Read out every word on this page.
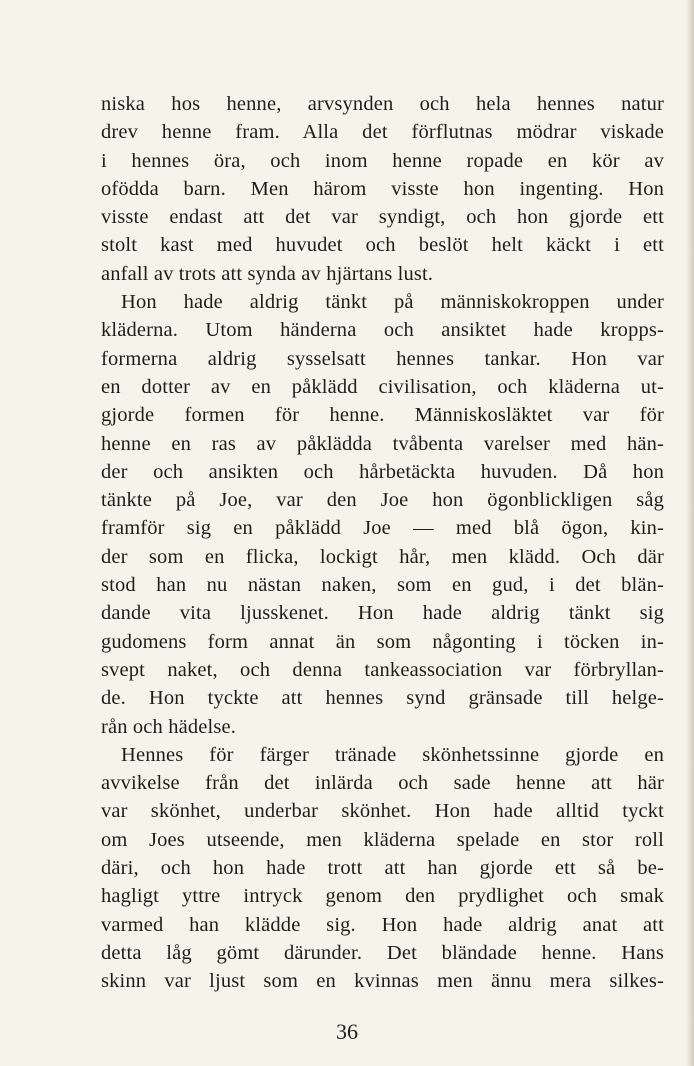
niska hos henne, arvsynden och hela hennes natur
drev henne fram. Alla det förflutnas mödrar viskade
i hennes öra, och inom henne ropade en kör av
ofödda barn. Men härom visste hon ingenting. Hon
visste endast att det var syndigt, och hon gjorde ett
stolt kast med huvudet och beslöt helt käckt i ett
anfall av trots att synda av hjärtans lust.
Hon hade aldrig tänkt på människokroppen under
kläderna. Utom händerna och ansiktet hade kropps-
formerna aldrig sysselsatt hennes tankar. Hon var
en dotter av en påklädd civilisation, och kläderna ut-
gjorde formen för henne. Människosläktet var för
henne en ras av påklädda tvåbenta varelser med hän-
der och ansikten och hårbetäckta huvuden. Då hon
tänkte på Joe, var den Joe hon ögonblickligen såg
framför sig en påklädd Joe — med blå ögon, kin-
der som en flicka, lockigt hår, men klädd. Och där
stod han nu nästan naken, som en gud, i det blän-
dande vita ljusskenet. Hon hade aldrig tänkt sig
gudomens form annat än som någonting i töcken in-
svept naket, och denna tankeassociation var förbryllan-
de. Hon tyckte att hennes synd gränsade till helge-
rån och hädelse.
Hennes för färger tränade skönhetssinne gjorde en
avvikelse från det inlärda och sade henne att här
var skönhet, underbar skönhet. Hon hade alltid tyckt
om Joes utseende, men kläderna spelade en stor roll
däri, och hon hade trott att han gjorde ett så be-
hagligt yttre intryck genom den prydlighet och smak
varmed han klädde sig. Hon hade aldrig anat att
detta låg gömt därunder. Det bländade henne. Hans
skinn var ljust som en kvinnas men ännu mera silkes-
36
